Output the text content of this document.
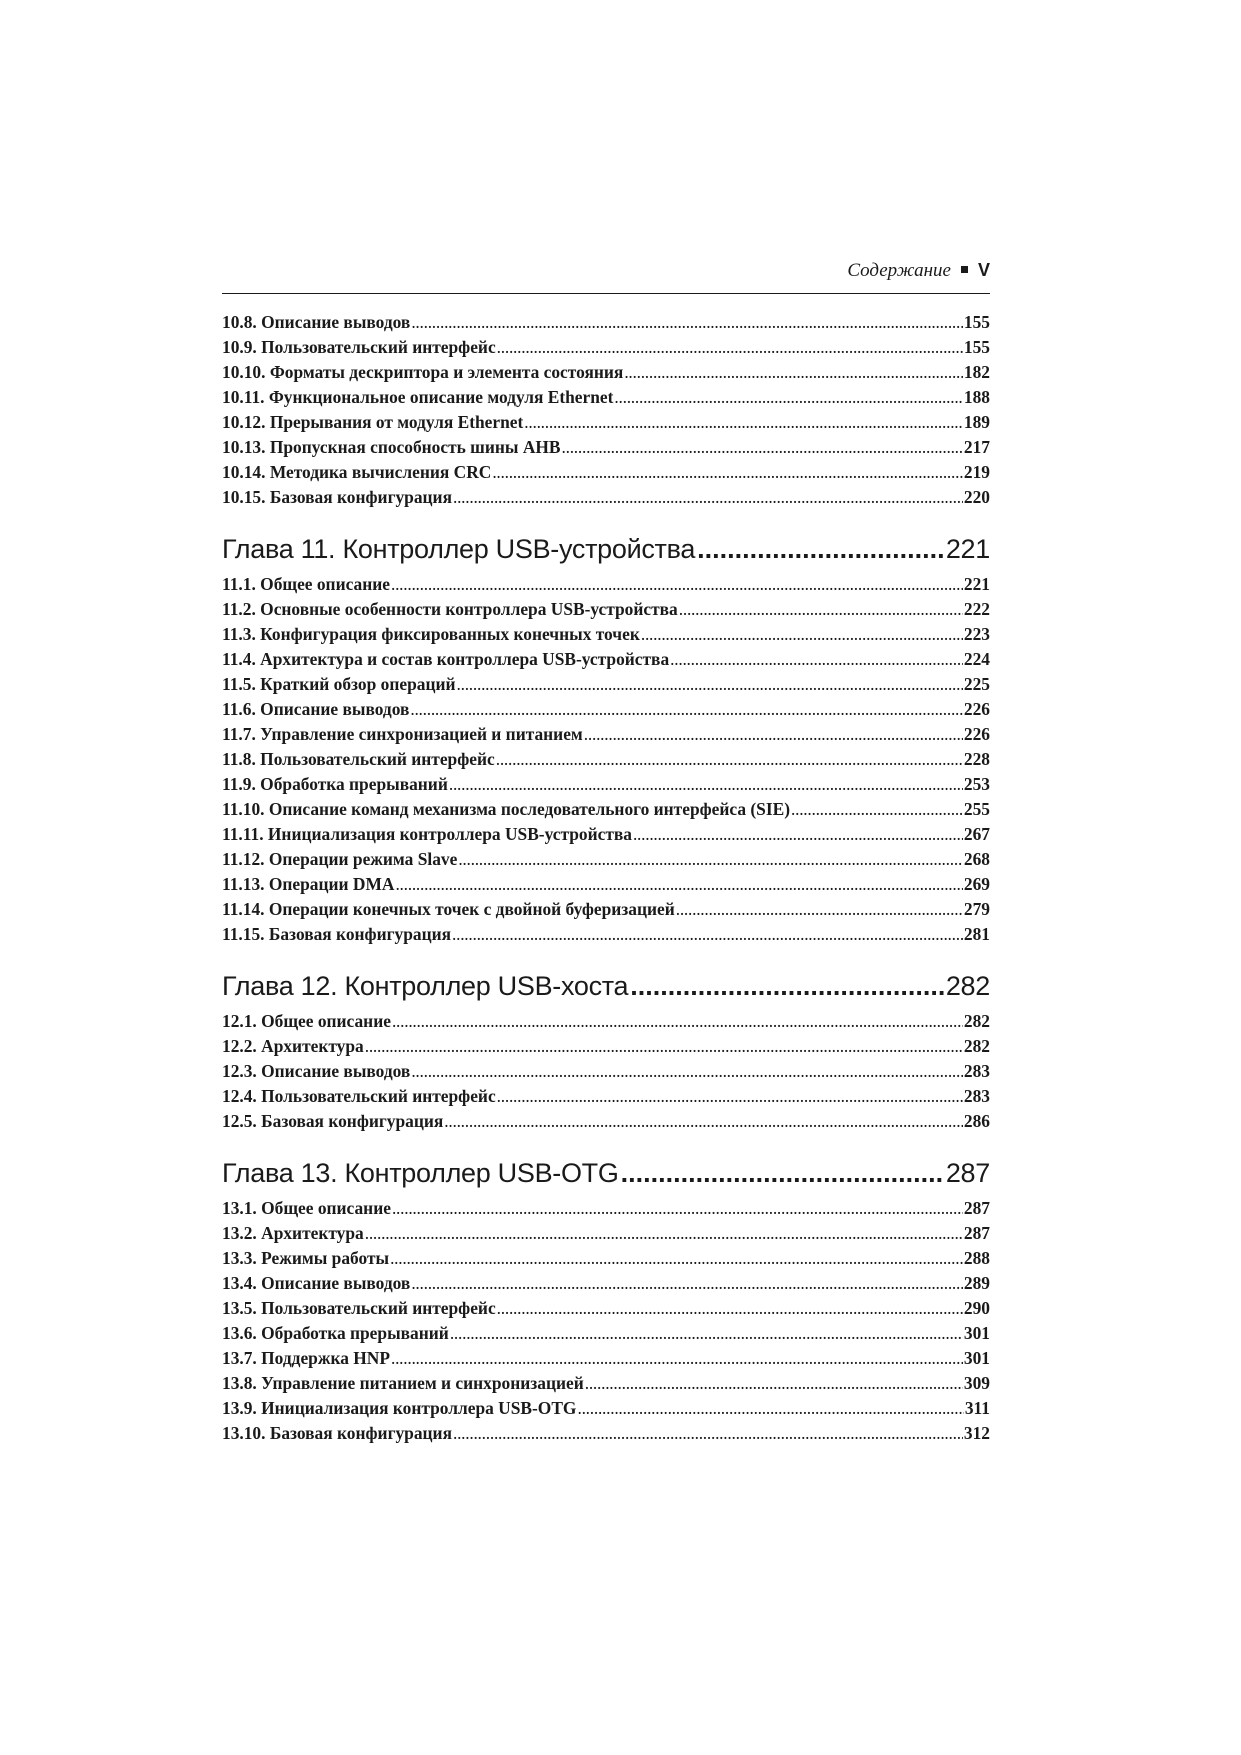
Содержание V
10.8. Описание выводов . . .	155
10.9. Пользовательский интерфейс . . .	155
10.10. Форматы дескриптора и элемента состояния . . .	182
10.11. Функциональное описание модуля Ethernet . . .	188
10.12. Прерывания от модуля Ethernet . . .	189
10.13. Пропускная способность шины AHB . . .	217
10.14. Методика вычисления CRC . . .	219
10.15. Базовая конфигурация . . .	220
Глава 11. Контроллер USB-устройства .....	221
11.1. Общее описание . . .	221
11.2. Основные особенности контроллера USB-устройства . . .	222
11.3. Конфигурация фиксированных конечных точек . . .	223
11.4. Архитектура и состав контроллера USB-устройства . . .	224
11.5. Краткий обзор операций . . .	225
11.6. Описание выводов . . .	226
11.7. Управление синхронизацией и питанием . . .	226
11.8. Пользовательский интерфейс . . .	228
11.9. Обработка прерываний . . .	253
11.10. Описание команд механизма последовательного интерфейса (SIE) . . .	255
11.11. Инициализация контроллера USB-устройства . . .	267
11.12. Операции режима Slave . . .	268
11.13. Операции DMA . . .	269
11.14. Операции конечных точек с двойной буферизацией . . .	279
11.15. Базовая конфигурация . . .	281
Глава 12. Контроллер USB-хоста .....	282
12.1. Общее описание . . .	282
12.2. Архитектура . . .	282
12.3. Описание выводов . . .	283
12.4. Пользовательский интерфейс . . .	283
12.5. Базовая конфигурация . . .	286
Глава 13. Контроллер USB-OTG .....	287
13.1. Общее описание . . .	287
13.2. Архитектура . . .	287
13.3. Режимы работы . . .	288
13.4. Описание выводов . . .	289
13.5. Пользовательский интерфейс . . .	290
13.6. Обработка прерываний . . .	301
13.7. Поддержка HNP . . .	301
13.8. Управление питанием и синхронизацией . . .	309
13.9. Инициализация контроллера USB-OTG . . .	311
13.10. Базовая конфигурация . . .	312
